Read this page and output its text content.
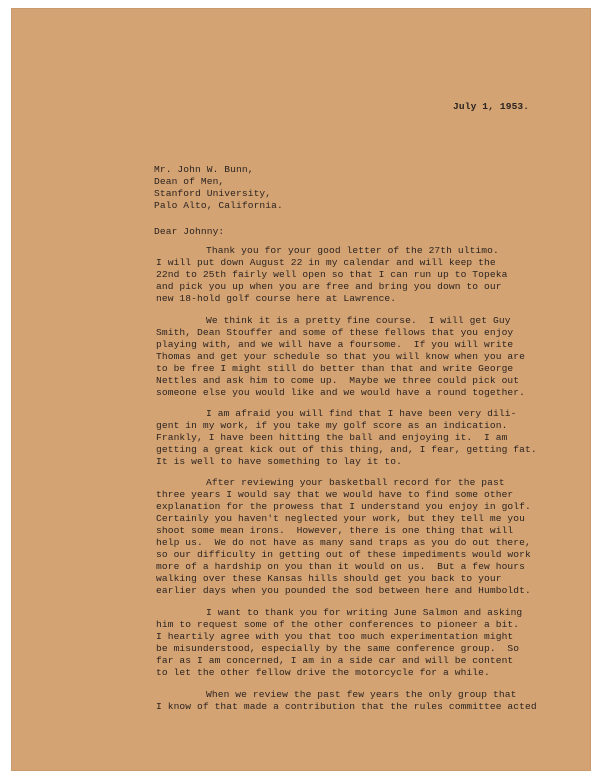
July 1, 1953.
Mr. John W. Bunn,
Dean of Men,
Stanford University,
Palo Alto, California.
Dear Johnny:
Thank you for your good letter of the 27th ultimo.
I will put down August 22 in my calendar and will keep the
22nd to 25th fairly well open so that I can run up to Topeka
and pick you up when you are free and bring you down to our
new 18-hold golf course here at Lawrence.
We think it is a pretty fine course.  I will get Guy
Smith, Dean Stouffer and some of these fellows that you enjoy
playing with, and we will have a foursome.  If you will write
Thomas and get your schedule so that you will know when you are
to be free I might still do better than that and write George
Nettles and ask him to come up.  Maybe we three could pick out
someone else you would like and we would have a round together.
I am afraid you will find that I have been very dili-
gent in my work, if you take my golf score as an indication.
Frankly, I have been hitting the ball and enjoying it.  I am
getting a great kick out of this thing, and, I fear, getting fat.
It is well to have something to lay it to.
After reviewing your basketball record for the past
three years I would say that we would have to find some other
explanation for the prowess that I understand you enjoy in golf.
Certainly you haven't neglected your work, but they tell me you
shoot some mean irons.  However, there is one thing that will
help us.  We do not have as many sand traps as you do out there,
so our difficulty in getting out of these impediments would work
more of a hardship on you than it would on us.  But a few hours
walking over these Kansas hills should get you back to your
earlier days when you pounded the sod between here and Humboldt.
I want to thank you for writing June Salmon and asking
him to request some of the other conferences to pioneer a bit.
I heartily agree with you that too much experimentation might
be misunderstood, especially by the same conference group.  So
far as I am concerned, I am in a side car and will be content
to let the other fellow drive the motorcycle for a while.
When we review the past few years the only group that
I know of that made a contribution that the rules committee acted
